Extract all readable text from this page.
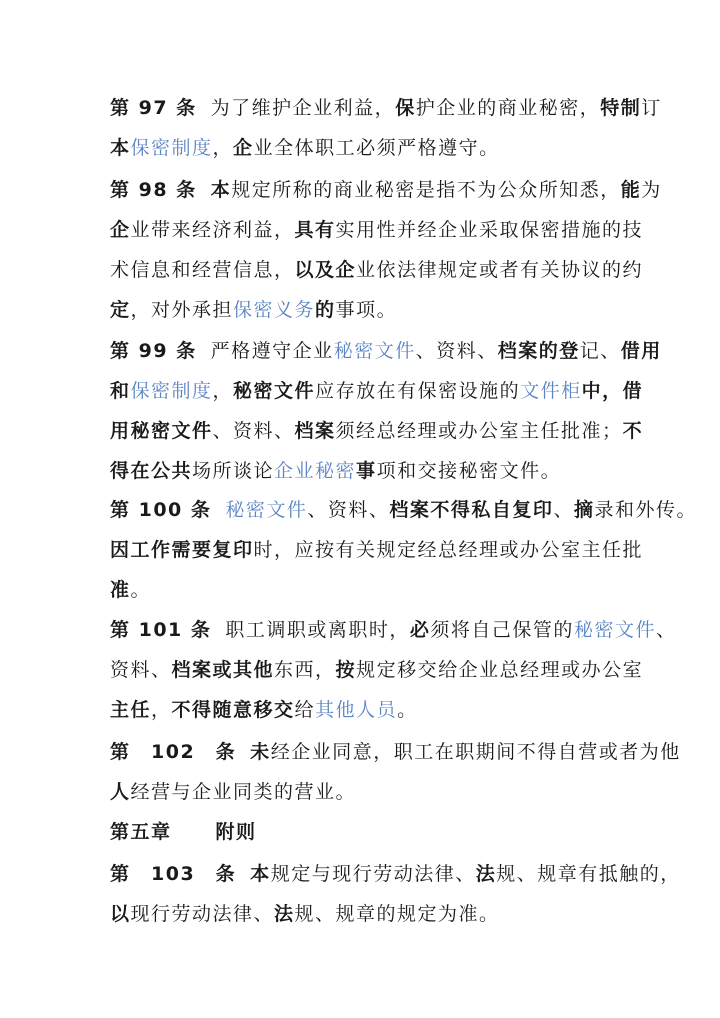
第 97 条 为了维护企业利益，保护企业的商业秘密，特制订
本保密制度，企业全体职工必须严格遵守。
第 98 条 本规定所称的商业秘密是指不为公众所知悉，能为
企业带来经济利益，具有实用性并经企业采取保密措施的技
术信息和经营信息，以及企业依法律规定或者有关协议的约
定，对外承担保密义务的事项。
第 99 条 严格遵守企业秘密文件、资料、档案的登记、借用
和保密制度，秘密文件应存放在有保密设施的文件柜中，借
用秘密文件、资料、档案须经总经理或办公室主任批准；不
得在公共场所谈论企业秘密事项和交接秘密文件。
第 100 条 秘密文件、资料、档案不得私自复印、摘录和外传。
因工作需要复印时，应按有关规定经总经理或办公室主任批
准。
第 101 条 职工调职或离职时，必须将自己保管的秘密文件、
资料、档案或其他东西，按规定移交给企业总经理或办公室
主任，不得随意移交给其他人员。
第　102　条 未经企业同意，职工在职期间不得自营或者为他
人经营与企业同类的营业。
第五章 附则
第　103　条 本规定与现行劳动法律、法规、规章有抵触的，
以现行劳动法律、法规、规章的规定为准。
